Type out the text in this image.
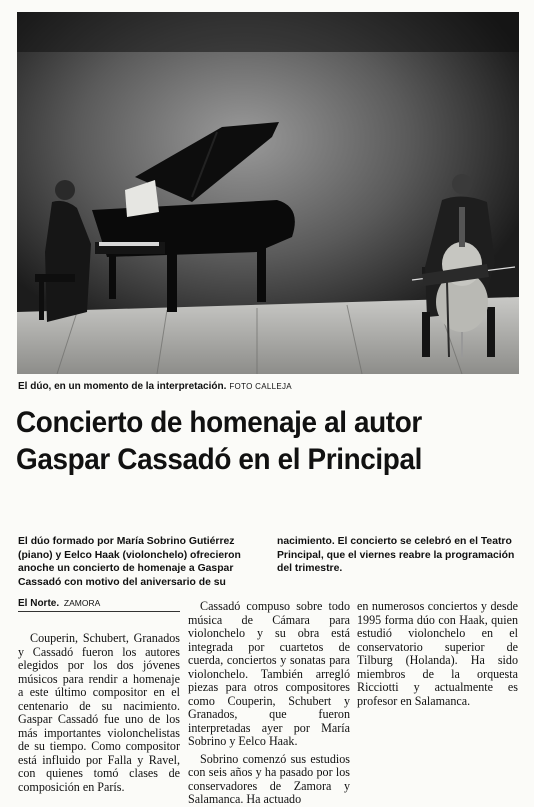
El dúo, en un momento de la interpretación. FOTO CALLEJA
Concierto de homenaje al autor
Gaspar Cassadó en el Principal

El dúo formado por María Sobrino Gutiérrez (piano) y Eelco Haak (violonchelo) ofrecieron anoche un concierto de homenaje a Gaspar Cassadó con motivo del aniversario de su

nacimiento. El concierto se celebró en el Teatro Principal, que el viernes reabre la programación del trimestre.

El Norte. ZAMORA

Couperin, Schubert, Granados y Cassadó fueron los autores elegidos por los dos jóvenes músicos para rendir a homenaje a este último compositor en el centenario de su nacimiento. Gaspar Cassadó fue uno de los más importantes violonchelistas de su tiempo. Como compositor está influido por Falla y Ravel, con quienes tomó clases de composición en París.

Cassadó compuso sobre todo música de Cámara para violonchelo y su obra está integrada por cuartetos de cuerda, conciertos y sonatas para violonchelo. También arregló piezas para otros compositores como Couperin, Schubert y Granados, que fueron interpretadas ayer por María Sobrino y Eelco Haak.

Sobrino comenzó sus estudios con seis años y ha pasado por los conservadores de Zamora y Salamanca. Ha actuado

en numerosos conciertos y desde 1995 forma dúo con Haak, quien estudió violonchelo en el conservatorio superior de Tilburg (Holanda). Ha sido miembros de la orquesta Ricciotti y actualmente es profesor en Salamanca.
